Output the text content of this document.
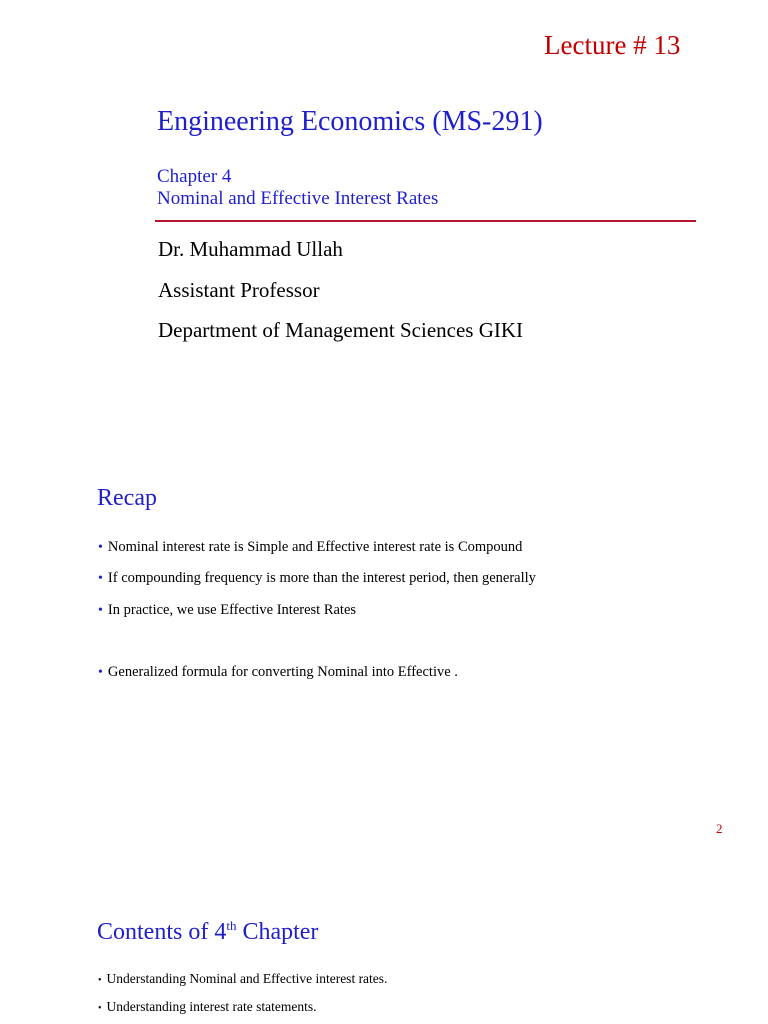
Lecture # 13

Engineering Economics (MS-291)

Chapter 4

Nominal and Effective Interest Rates

Dr. Muhammad Ullah

Assistant Professor

Department of Management Sciences GIKI

Recap

• Nominal interest rate is Simple and Effective interest rate is Compound

• If compounding frequency is more than the interest period, then generally

• In practice, we use Effective Interest Rates

• Generalized formula for converting Nominal into Effective .

2

Contents of 4th Chapter

• Understanding Nominal and Effective interest rates.

• Understanding interest rate statements.
